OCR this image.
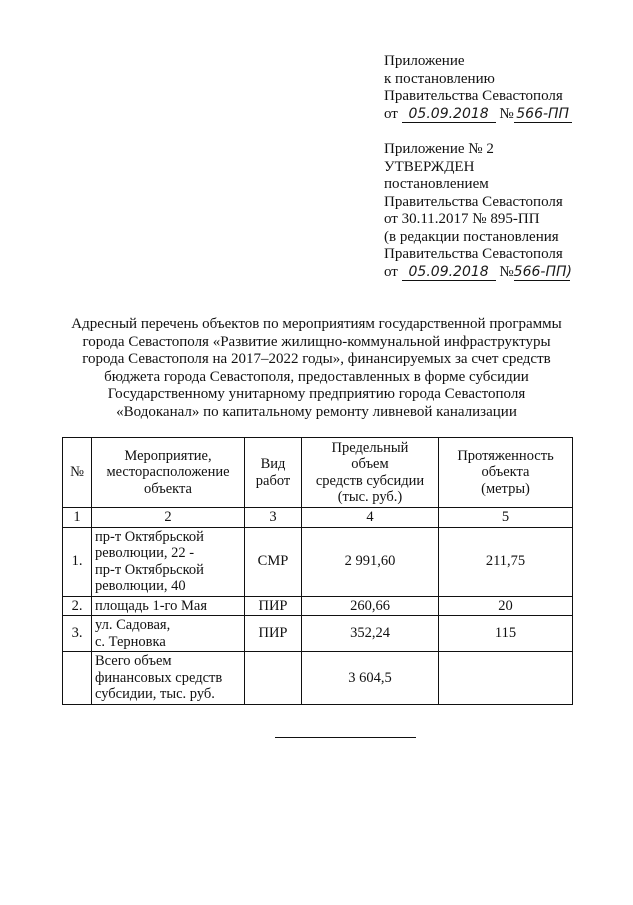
Приложение
к постановлению
Правительства Севастополя
от 05.09.2018 № 566-ПП
Приложение № 2
УТВЕРЖДЕН
постановлением
Правительства Севастополя
от 30.11.2017 № 895-ПП
(в редакции постановления
Правительства Севастополя
от 05.09.2018 №566-ПП)
Адресный перечень объектов по мероприятиям государственной программы
города Севастополя «Развитие жилищно-коммунальной инфраструктуры
города Севастополя на 2017–2022 годы», финансируемых за счет средств
бюджета города Севастополя, предоставленных в форме субсидии
Государственному унитарному предприятию города Севастополя
«Водоканал» по капитальному ремонту ливневой канализации
№	Мероприятие,
месторасположение
объекта	Вид
работ	Предельный
объем
средств субсидии
(тыс. руб.)	Протяженность
объекта
(метры)
1	2	3	4	5
1.	пр-т Октябрьской
революции, 22 -
пр-т Октябрьской
революции, 40	СМР	2 991,60	211,75
2.	площадь 1-го Мая	ПИР	260,66	20
3.	ул. Садовая,
с. Терновка	ПИР	352,24	115
	Всего объем
финансовых средств
субсидии, тыс. руб.		3 604,5	
